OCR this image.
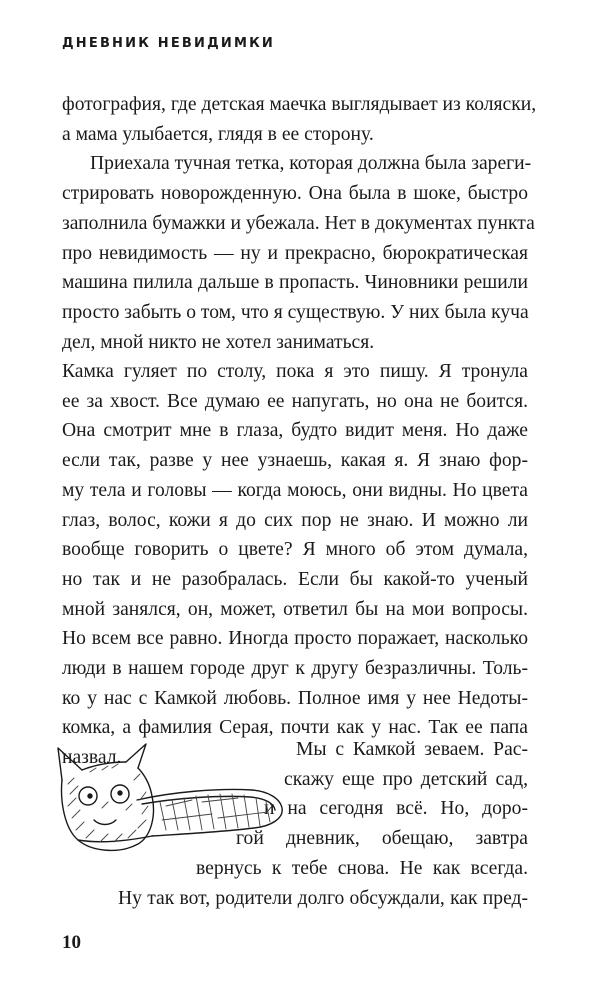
ДНЕВНИК НЕВИДИМКИ
фотография, где детская маечка выглядывает из коляски,
а мама улыбается, глядя в ее сторону.
Приехала тучная тетка, которая должна была зареги-
стрировать новорожденную. Она была в шоке, быстро
заполнила бумажки и убежала. Нет в документах пункта
про невидимость — ну и прекрасно, бюрократическая
машина пилила дальше в пропасть. Чиновники решили
просто забыть о том, что я существую. У них была куча
дел, мной никто не хотел заниматься.
Камка гуляет по столу, пока я это пишу. Я тронула
ее за хвост. Все думаю ее напугать, но она не боится.
Она смотрит мне в глаза, будто видит меня. Но даже
если так, разве у нее узнаешь, какая я. Я знаю фор-
му тела и головы — когда моюсь, они видны. Но цвета
глаз, волос, кожи я до сих пор не знаю. И можно ли
вообще говорить о цвете? Я много об этом думала,
но так и не разобралась. Если бы какой-то ученый
мной занялся, он, может, ответил бы на мои вопросы.
Но всем все равно. Иногда просто поражает, насколько
люди в нашем городе друг к другу безразличны. Толь-
ко у нас с Камкой любовь. Полное имя у нее Недоты-
комка, а фамилия Серая, почти как у нас. Так ее папа
назвал.	Мы с Камкой зеваем. Рас-
скажу еще про детский сад,
и на сегодня всё. Но, доро-
гой дневник, обещаю, завтра
вернусь к тебе снова. Не как всегда.
Ну так вот, родители долго обсуждали, как пред-
10
